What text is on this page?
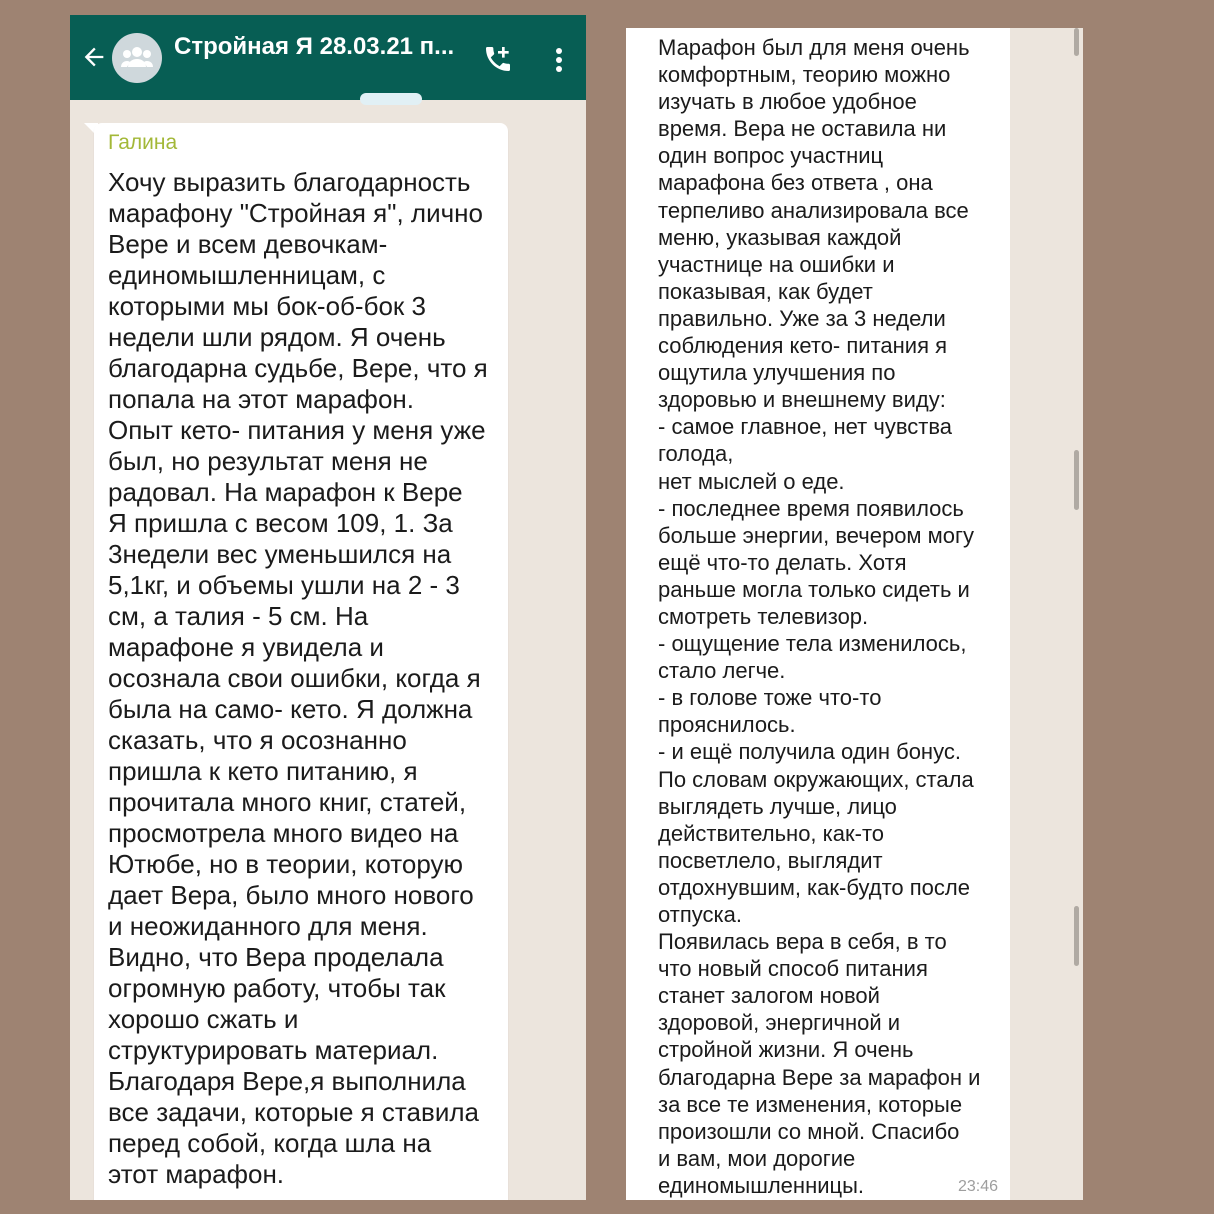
Стройная Я 28.03.21 п...
Галина
Хочу выразить благодарность
марафону "Стройная я", лично
Вере и всем девочкам-
единомышленницам, с
которыми мы бок-об-бок 3
недели шли рядом. Я очень
благодарна судьбе, Вере, что я
попала на этот марафон.
Опыт кето- питания у меня уже
был, но результат меня не
радовал. На марафон к Вере
Я пришла с весом 109, 1. За
3недели вес уменьшился на
5,1кг, и объемы ушли на 2 - 3
см, а талия - 5 см. На
марафоне я увидела и
осознала свои ошибки, когда я
была на само- кето. Я должна
сказать, что я осознанно
пришла к кето питанию, я
прочитала много книг, статей,
просмотрела много видео на
Ютюбе, но в теории, которую
дает Вера, было много нового
и неожиданного для меня.
Видно, что Вера проделала
огромную работу, чтобы так
хорошо сжать и
структурировать материал.
Благодаря Вере,я выполнила
все задачи, которые я ставила
перед собой, когда шла на
этот марафон.
Марафон был для меня очень
комфортным, теорию можно
изучать в любое удобное
время. Вера не оставила ни
один вопрос участниц
марафона без ответа , она
терпеливо анализировала все
меню, указывая каждой
участнице на ошибки и
показывая, как будет
правильно. Уже за 3 недели
соблюдения кето- питания я
ощутила улучшения по
здоровью и внешнему виду:
- самое главное, нет чувства
голода,
нет мыслей о еде.
- последнее время появилось
больше энергии, вечером могу
ещё что-то делать. Хотя
раньше могла только сидеть и
смотреть телевизор.
- ощущение тела изменилось,
стало легче.
- в голове тоже что-то
прояснилось.
- и ещё получила один бонус.
По словам окружающих, стала
выглядеть лучше, лицо
действительно, как-то
посветлело, выглядит
отдохнувшим, как-будто после
отпуска.
Появилась вера в себя, в то
что новый способ питания
станет залогом новой
здоровой, энергичной и
стройной жизни. Я очень
благодарна Вере за марафон и
за все те изменения, которые
произошли со мной. Спасибо
и вам, мои дорогие
единомышленницы.	23:46
